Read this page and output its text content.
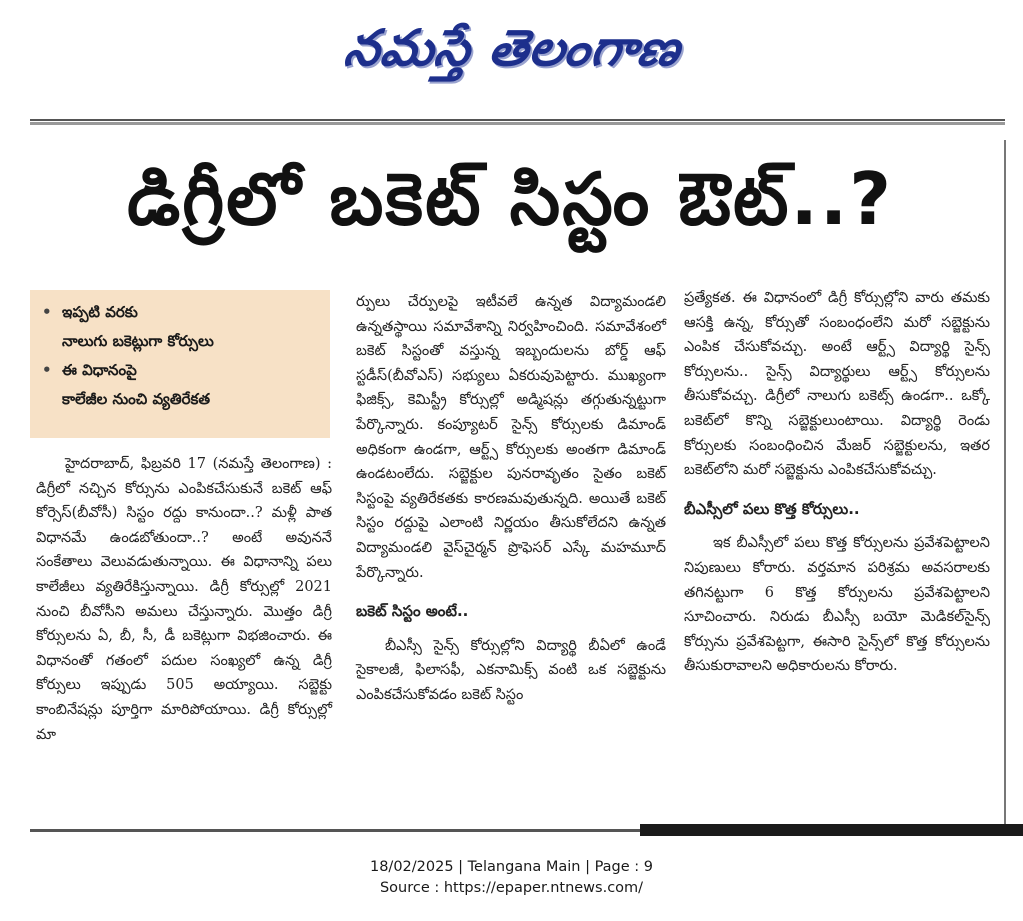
నమస్తే తెలంగాణ
డిగ్రీలో బకెట్ సిస్టం ఔట్..?
• ఇప్పటి వరకు
నాలుగు బకెట్లుగా కోర్సులు
• ఈ విధానంపై
కాలేజీల నుంచి వ్యతిరేకత

హైదరాబాద్, ఫిబ్రవరి 17 (నమస్తే తెలంగాణ) : డిగ్రీలో నచ్చిన కోర్సును ఎంపికచేసుకునే బకెట్ ఆఫ్ కోర్సెస్(బీవోసీ) సిస్టం రద్దు కానుందా..? మళ్లీ పాత విధానమే ఉండబోతుందా..? అంటే అవుననే సంకేతాలు వెలువడుతున్నాయి. ఈ విధానాన్ని పలు కాలేజీలు వ్యతిరేకిస్తున్నాయి. డిగ్రీ కోర్సుల్లో 2021 నుంచి బీవోసీని అమలు చేస్తున్నారు. మొత్తం డిగ్రీ కోర్సులను ఏ, బీ, సీ, డీ బకెట్లుగా విభజించారు. ఈ విధానంతో గతంలో పదుల సంఖ్యలో ఉన్న డిగ్రీ కోర్సులు ఇప్పుడు 505 అయ్యాయి. సబ్జెక్టు కాంబినేషన్లు పూర్తిగా మారిపోయాయి. డిగ్రీ కోర్సుల్లో మా

ర్పులు చేర్పులపై ఇటీవలే ఉన్నత విద్యామండలి ఉన్నతస్థాయి సమావేశాన్ని నిర్వహించింది. సమావేశంలో బకెట్ సిస్టంతో వస్తున్న ఇబ్బందులను బోర్డ్ ఆఫ్ స్టడీస్(బీవోఎస్) సభ్యులు ఏకరువుపెట్టారు. ముఖ్యంగా ఫిజిక్స్, కెమిస్ట్రీ కోర్సుల్లో అడ్మిషన్లు తగ్గుతున్నట్టుగా పేర్కొన్నారు. కంప్యూటర్ సైన్స్ కోర్సులకు డిమాండ్ అధికంగా ఉండగా, ఆర్ట్స్ కోర్సులకు అంతగా డిమాండ్ ఉండటంలేదు. సబ్జెక్టుల పునరావృతం సైతం బకెట్ సిస్టంపై వ్యతిరేకతకు కారణమవుతున్నది. అయితే బకెట్ సిస్టం రద్దుపై ఎలాంటి నిర్ణయం తీసుకోలేదని ఉన్నత విద్యామండలి వైస్‌చైర్మన్ ప్రొఫెసర్ ఎస్కే మహమూద్ పేర్కొన్నారు.

బకెట్ సిస్టం అంటే..

బీఎస్సీ సైన్స్ కోర్సుల్లోని విద్యార్థి బీఏలో ఉండే సైకాలజీ, ఫిలాసఫీ, ఎకనామిక్స్ వంటి ఒక సబ్జెక్టును ఎంపికచేసుకోవడం బకెట్ సిస్టం

ప్రత్యేకత. ఈ విధానంలో డిగ్రీ కోర్సుల్లోని వారు తమకు ఆసక్తి ఉన్న, కోర్సుతో సంబంధంలేని మరో సబ్జెక్టును ఎంపిక చేసుకోవచ్చు. అంటే ఆర్ట్స్ విద్యార్థి సైన్స్ కోర్సులను.. సైన్స్ విద్యార్థులు ఆర్ట్స్ కోర్సులను తీసుకోవచ్చు. డిగ్రీలో నాలుగు బకెట్స్ ఉండగా.. ఒక్కో బకెట్‌లో కొన్ని సబ్జెక్టులుంటాయి. విద్యార్థి రెండు కోర్సులకు సంబంధించిన మేజర్ సబ్జెక్టులను, ఇతర బకెట్‌లోని మరో సబ్జెక్టును ఎంపికచేసుకోవచ్చు.

బీఎస్సీలో పలు కొత్త కోర్సులు..

ఇక బీఎస్సీలో పలు కొత్త కోర్సులను ప్రవేశపెట్టాలని నిపుణులు కోరారు. వర్తమాన పరిశ్రమ అవసరాలకు తగినట్టుగా 6 కొత్త కోర్సులను ప్రవేశపెట్టాలని సూచించారు. నిరుడు బీఎస్సీ బయో మెడికల్‌సైన్స్ కోర్సును ప్రవేశపెట్టగా, ఈసారి సైన్స్‌లో కొత్త కోర్సులను తీసుకురావాలని అధికారులను కోరారు.

18/02/2025 | Telangana Main | Page : 9
Source : https://epaper.ntnews.com/
